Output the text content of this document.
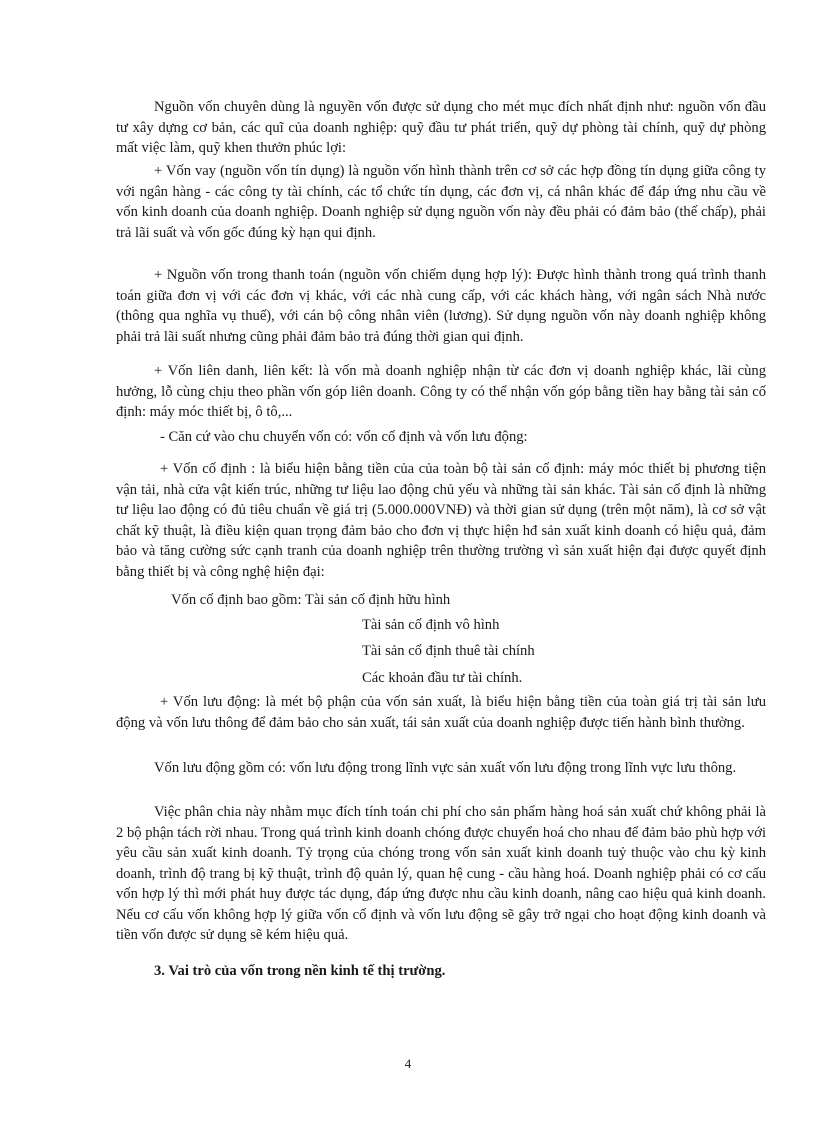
Nguồn vốn chuyên dùng là nguyền vốn được sử dụng cho mét mục đích nhất định như: nguồn vốn đầu tư xây dựng cơ bản, các quĩ của doanh nghiệp: quỹ đầu tư phát triển, quỹ dự phòng tài chính, quỹ dự phòng mất việc làm, quỹ khen thưởn phúc lợi:

+ Vốn vay (nguồn vốn tín dụng) là nguồn vốn hình thành trên cơ sở các hợp đồng tín dụng giữa công ty với ngân hàng - các công ty tài chính, các tổ chức tín dụng, các đơn vị, cá nhân khác để đáp ứng nhu cầu về vốn kinh doanh của doanh nghiệp. Doanh nghiệp sử dụng nguồn vốn này đều phải có đảm bảo (thế chấp), phải trả lãi suất và vốn gốc đúng kỳ hạn qui định.

+ Nguồn vốn trong thanh toán (nguồn vốn chiếm dụng hợp lý): Được hình thành trong quá trình thanh toán giữa đơn vị với các đơn vị khác, với các nhà cung cấp, với các khách hàng, với ngân sách Nhà nước (thông qua nghĩa vụ thuế), với cán bộ công nhân viên (lương). Sử dụng nguồn vốn này doanh nghiệp không phải trả lãi suất nhưng cũng phải đảm bảo trả đúng thời gian qui định.

+ Vốn liên danh, liên kết: là vốn mà doanh nghiệp nhận từ các đơn vị doanh nghiệp khác, lãi cùng hưởng, lỗ cùng chịu theo phần vốn góp liên doanh. Công ty có thể nhận vốn góp bằng tiền hay bằng tài sản cố định: máy móc thiết bị, ô tô,...

- Căn cứ vào chu chuyển vốn có: vốn cố định và vốn lưu động:

+ Vốn cố định : là biểu hiện bằng tiền của của toàn bộ tài sản cố định: máy móc thiết bị phương tiện vận tải, nhà cửa vật kiến trúc, những tư liệu lao động chủ yếu và những tài sản khác. Tài sản cố định là những tư liệu lao động có đủ tiêu chuẩn về giá trị (5.000.000VNĐ) và thời gian sử dụng (trên một năm), là cơ sở vật chất kỹ thuật, là điều kiện quan trọng đảm bảo cho đơn vị thực hiện hđ sản xuất kinh doanh có hiệu quả, đảm bảo và tăng cường sức cạnh tranh của doanh nghiệp trên thường trường vì sản xuất hiện đại được quyết định bằng thiết bị và công nghệ hiện đại:

Vốn cố định bao gồm: Tài sản cố định hữu hình
Tài sản cố định vô hình
Tài sản cố định thuê tài chính
Các khoản đầu tư tài chính.

+ Vốn lưu động: là mét bộ phận của vốn sản xuất, là biểu hiện bằng tiền của toàn giá trị tài sản lưu động và vốn lưu thông để đảm bảo cho sản xuất, tái sản xuất của doanh nghiệp được tiến hành bình thường.

Vốn lưu động gồm có: vốn lưu động trong lĩnh vực sản xuất vốn lưu động trong lĩnh vực lưu thông.

Việc phân chia này nhằm mục đích tính toán chi phí cho sản phẩm hàng hoá sản xuất chứ không phải là 2 bộ phận tách rời nhau. Trong quá trình kinh doanh chóng được chuyển hoá cho nhau để đảm bảo phù hợp với yêu cầu sản xuất kinh doanh. Tỷ trọng của chóng trong vốn sản xuất kinh doanh tuỷ thuộc vào chu kỳ kinh doanh, trình độ trang bị kỹ thuật, trình độ quản lý, quan hệ cung - cầu hàng hoá. Doanh nghiệp phải có cơ cấu vốn hợp lý thì mới phát huy được tác dụng, đáp ứng được nhu cầu kinh doanh, nâng cao hiệu quả kinh doanh. Nếu cơ cấu vốn không hợp lý giữa vốn cố định và vốn lưu động sẽ gây trở ngại cho hoạt động kinh doanh và tiền vốn được sử dụng sẽ kém hiệu quả.

3. Vai trò của vốn trong nền kinh tế thị trường.
4
